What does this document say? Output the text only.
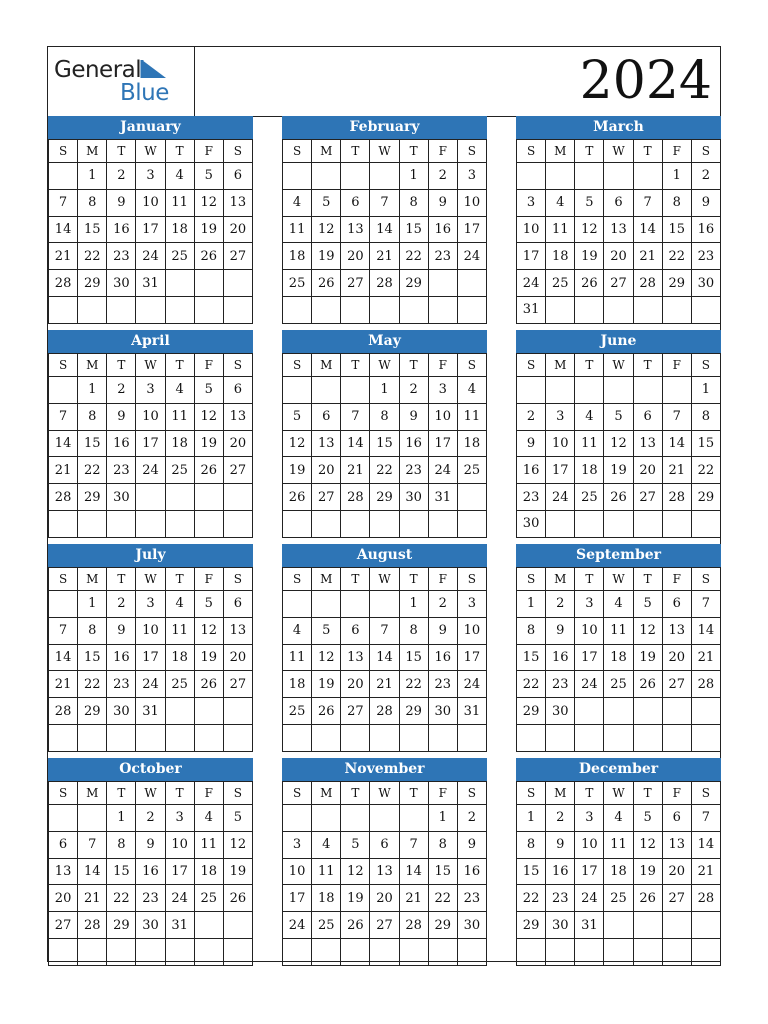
General
Blue	2024
January
S	M	T	W	T	F	S
	1	2	3	4	5	6
7	8	9	10	11	12	13
14	15	16	17	18	19	20
21	22	23	24	25	26	27
28	29	30	31			

February
S	M	T	W	T	F	S
				1	2	3
4	5	6	7	8	9	10
11	12	13	14	15	16	17
18	19	20	21	22	23	24
25	26	27	28	29		

March
S	M	T	W	T	F	S
					1	2
3	4	5	6	7	8	9
10	11	12	13	14	15	16
17	18	19	20	21	22	23
24	25	26	27	28	29	30
31						
April
S	M	T	W	T	F	S
	1	2	3	4	5	6
7	8	9	10	11	12	13
14	15	16	17	18	19	20
21	22	23	24	25	26	27
28	29	30				

May
S	M	T	W	T	F	S
			1	2	3	4
5	6	7	8	9	10	11
12	13	14	15	16	17	18
19	20	21	22	23	24	25
26	27	28	29	30	31	

June
S	M	T	W	T	F	S
						1
2	3	4	5	6	7	8
9	10	11	12	13	14	15
16	17	18	19	20	21	22
23	24	25	26	27	28	29
30						
July
S	M	T	W	T	F	S
	1	2	3	4	5	6
7	8	9	10	11	12	13
14	15	16	17	18	19	20
21	22	23	24	25	26	27
28	29	30	31			

August
S	M	T	W	T	F	S
				1	2	3
4	5	6	7	8	9	10
11	12	13	14	15	16	17
18	19	20	21	22	23	24
25	26	27	28	29	30	31

September
S	M	T	W	T	F	S
1	2	3	4	5	6	7
8	9	10	11	12	13	14
15	16	17	18	19	20	21
22	23	24	25	26	27	28
29	30					

October
S	M	T	W	T	F	S
		1	2	3	4	5
6	7	8	9	10	11	12
13	14	15	16	17	18	19
20	21	22	23	24	25	26
27	28	29	30	31		

November
S	M	T	W	T	F	S
					1	2
3	4	5	6	7	8	9
10	11	12	13	14	15	16
17	18	19	20	21	22	23
24	25	26	27	28	29	30

December
S	M	T	W	T	F	S
1	2	3	4	5	6	7
8	9	10	11	12	13	14
15	16	17	18	19	20	21
22	23	24	25	26	27	28
29	30	31				
